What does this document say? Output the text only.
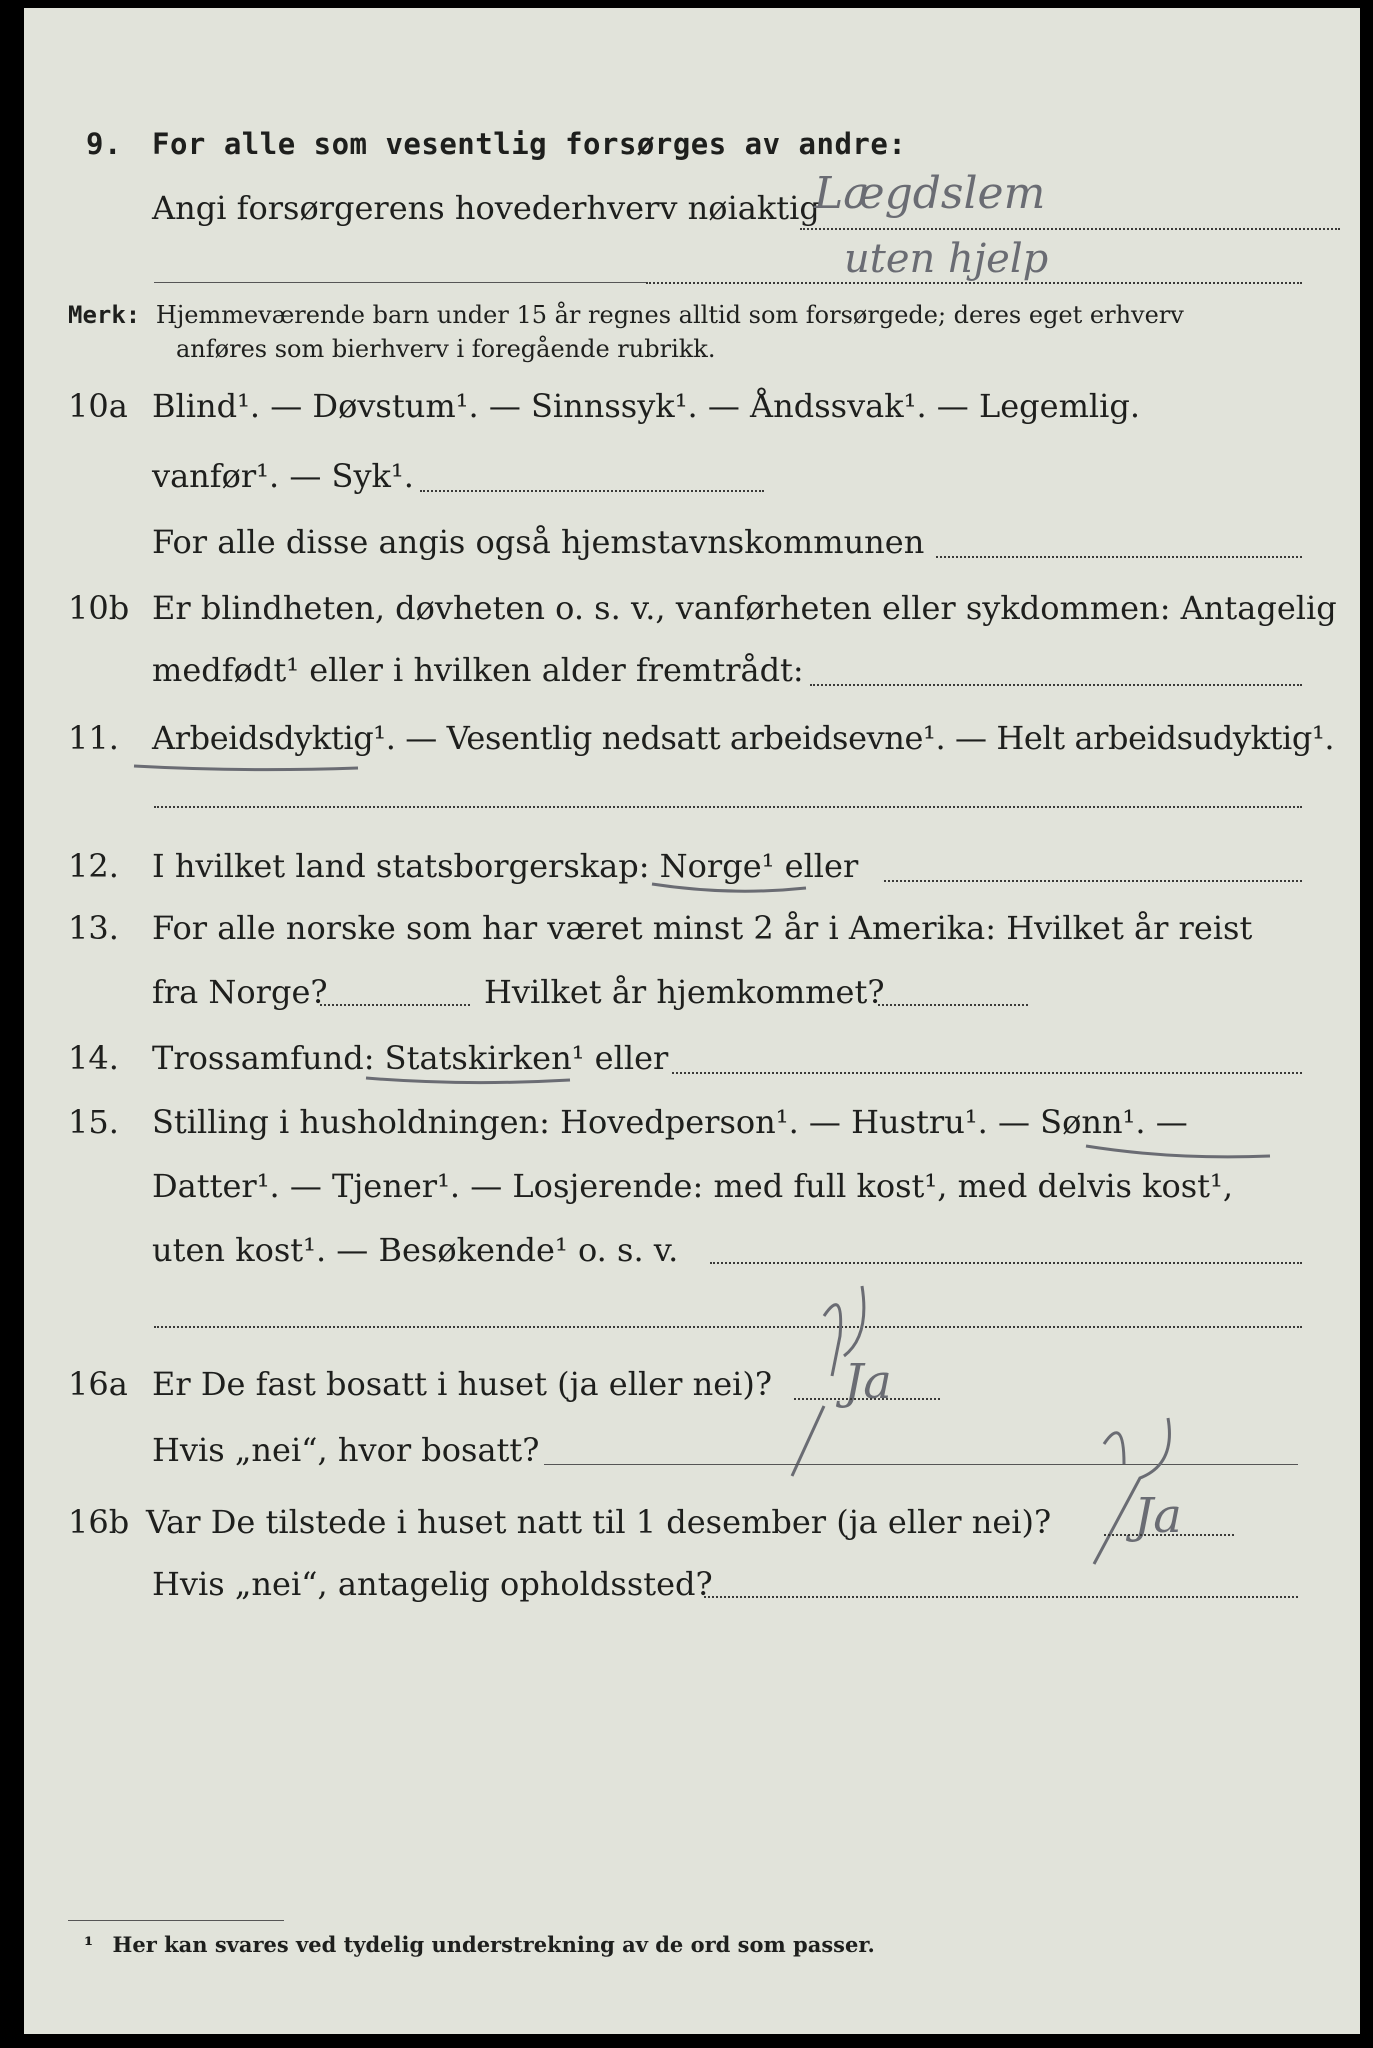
9. For alle som vesentlig forsørges av andre:
Angi forsørgerens hovederhverv nøiaktig
Lægdslem
uten hjelp
Merk: Hjemmeværende barn under 15 år regnes alltid som forsørgede; deres eget erhverv
anføres som bierhverv i foregående rubrikk.
10a Blind¹. — Døvstum¹. — Sinnssyk¹. — Åndssvak¹. — Legemlig.
vanfør¹. — Syk¹.
For alle disse angis også hjemstavnskommunen
10b Er blindheten, døvheten o. s. v., vanførheten eller sykdommen: Antagelig
medfødt¹ eller i hvilken alder fremtrådt:
11. Arbeidsdyktig¹. — Vesentlig nedsatt arbeidsevne¹. — Helt arbeidsudyktig¹.
12. I hvilket land statsborgerskap: Norge¹ eller
13. For alle norske som har været minst 2 år i Amerika: Hvilket år reist
fra Norge?	Hvilket år hjemkommet?
14. Trossamfund: Statskirken¹ eller
15. Stilling i husholdningen: Hovedperson¹. — Hustru¹. — Sønn¹. —
Datter¹. — Tjener¹. — Losjerende: med full kost¹, med delvis kost¹,
uten kost¹. — Besøkende¹ o. s. v.
16a Er De fast bosatt i huset (ja eller nei)? Ja
Hvis „nei“, hvor bosatt?
16b Var De tilstede i huset natt til 1 desember (ja eller nei)? Ja
Hvis „nei“, antagelig opholdssted?
¹ Her kan svares ved tydelig understrekning av de ord som passer.
